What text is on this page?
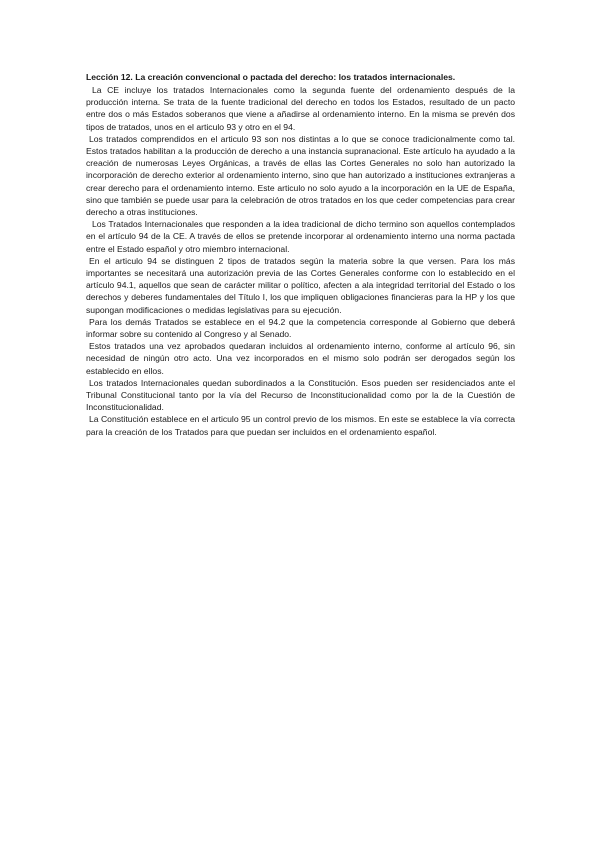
Lección 12. La creación convencional o pactada del derecho: los tratados internacionales.

La CE incluye los tratados Internacionales como la segunda fuente del ordenamiento después de la producción interna. Se trata de la fuente tradicional del derecho en todos los Estados, resultado de un pacto entre dos o más Estados soberanos que viene a añadirse al ordenamiento interno. En la misma se prevén dos tipos de tratados, unos en el articulo 93 y otro en el 94.

Los tratados comprendidos en el articulo 93 son nos distintas a lo que se conoce tradicionalmente como tal. Estos tratados habilitan a la producción de derecho a una instancia supranacional. Este artículo ha ayudado a la creación de numerosas Leyes Orgánicas, a través de ellas las Cortes Generales no solo han autorizado la incorporación de derecho exterior al ordenamiento interno, sino que han autorizado a instituciones extranjeras a crear derecho para el ordenamiento interno. Este articulo no solo ayudo a la incorporación en la UE de España, sino que también se puede usar para la celebración de otros tratados en los que ceder competencias para crear derecho a otras instituciones.

Los Tratados Internacionales que responden a la idea tradicional de dicho termino son aquellos contemplados en el artículo 94 de la CE. A través de ellos se pretende incorporar al ordenamiento interno una norma pactada entre el Estado español y otro miembro internacional.

En el articulo 94 se distinguen 2 tipos de tratados según la materia sobre la que versen. Para los más importantes se necesitará una autorización previa de las Cortes Generales conforme con lo establecido en el artículo 94.1, aquellos que sean de carácter militar o político, afecten a ala integridad territorial del Estado o los derechos y deberes fundamentales del Título I, los que impliquen obligaciones financieras para la HP y los que supongan modificaciones o medidas legislativas para su ejecución.

Para los demás Tratados se establece en el 94.2 que la competencia corresponde al Gobierno que deberá informar sobre su contenido al Congreso y al Senado.

Estos tratados una vez aprobados quedaran incluidos al ordenamiento interno, conforme al artículo 96, sin necesidad de ningún otro acto. Una vez incorporados en el mismo solo podrán ser derogados según los establecido en ellos.

Los tratados Internacionales quedan subordinados a la Constitución. Esos pueden ser residenciados ante el Tribunal Constitucional tanto por la vía del Recurso de Inconstitucionalidad como por la de la Cuestión de Inconstitucionalidad.

La Constitución establece en el articulo 95 un control previo de los mismos. En este se establece la vía correcta para la creación de los Tratados para que puedan ser incluidos en el ordenamiento español.
